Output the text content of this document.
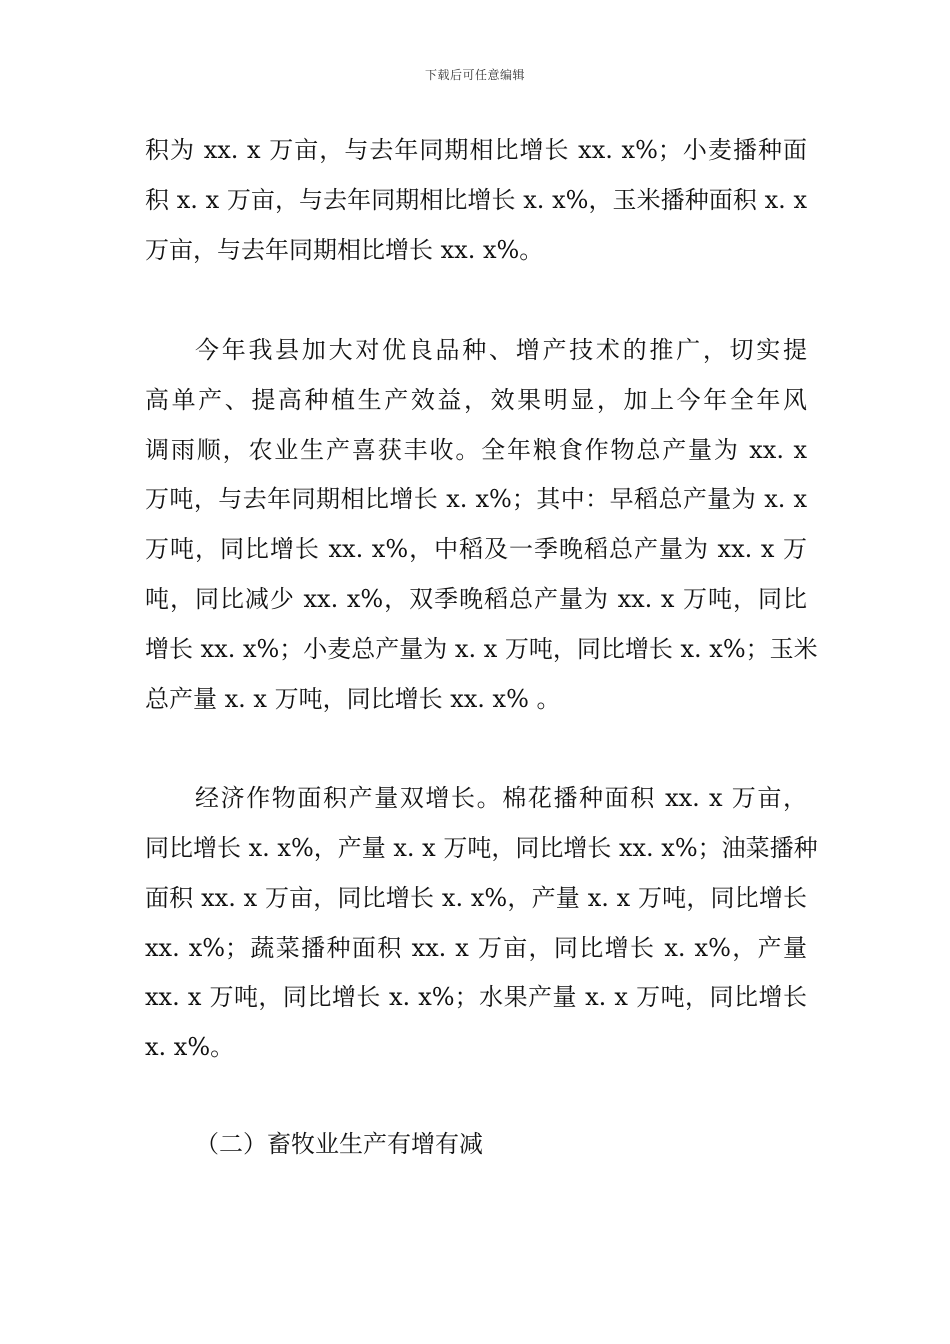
下载后可任意编辑
积为 xx. x 万亩，与去年同期相比增长 xx. x%；小麦播种面
积 x. x 万亩，与去年同期相比增长 x. x%，玉米播种面积 x. x
万亩，与去年同期相比增长 xx. x%。
今年我县加大对优良品种、增产技术的推广，切实提
高单产、提高种植生产效益，效果明显，加上今年全年风
调雨顺，农业生产喜获丰收。全年粮食作物总产量为 xx. x
万吨，与去年同期相比增长 x. x%；其中：早稻总产量为 x. x
万吨，同比增长 xx. x%，中稻及一季晚稻总产量为 xx. x 万
吨，同比减少 xx. x%，双季晚稻总产量为 xx. x 万吨，同比
增长 xx. x%；小麦总产量为 x. x 万吨，同比增长 x. x%；玉米
总产量 x. x 万吨，同比增长 xx. x% 。
经济作物面积产量双增长。棉花播种面积 xx. x 万亩，
同比增长 x. x%，产量 x. x 万吨，同比增长 xx. x%；油菜播种
面积 xx. x 万亩，同比增长 x. x%，产量 x. x 万吨，同比增长
xx. x%；蔬菜播种面积 xx. x 万亩，同比增长 x. x%，产量
xx. x 万吨，同比增长 x. x%；水果产量 x. x 万吨，同比增长
x. x%。
（二）畜牧业生产有增有减
